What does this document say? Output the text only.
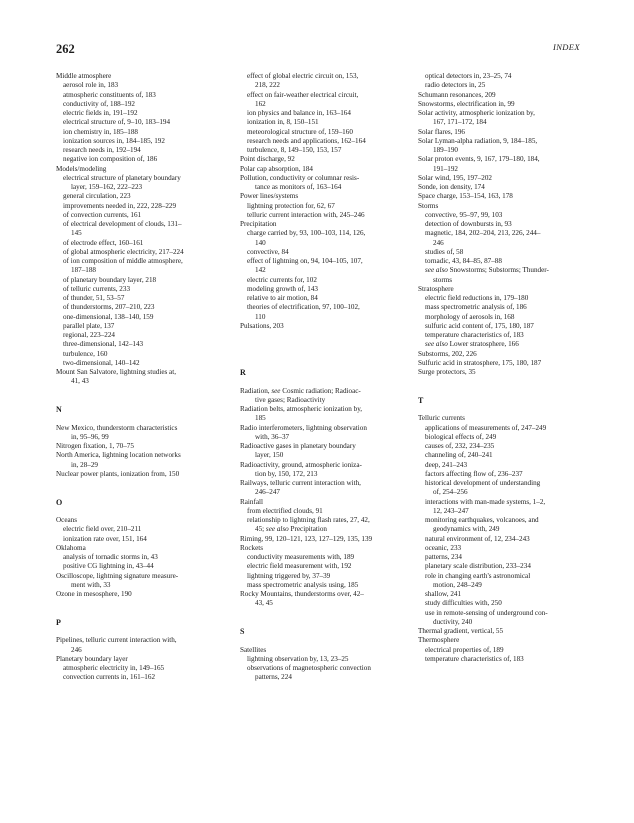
262	INDEX
Middle atmosphere
aerosol role in, 183
atmospheric constituents of, 183
conductivity of, 188–192
electric fields in, 191–192
electrical structure of, 9–10, 183–194
ion chemistry in, 185–188
ionization sources in, 184–185, 192
research needs in, 192–194
negative ion composition of, 186
Models/modeling
electrical structure of planetary boundary
layer, 159–162, 222–223
general circulation, 223
improvements needed in, 222, 228–229
of convection currents, 161
of electrical development of clouds, 131–
145
of electrode effect, 160–161
of global atmospheric electricity, 217–224
of ion composition of middle atmosphere,
187–188
of planetary boundary layer, 218
of telluric currents, 233
of thunder, 51, 53–57
of thunderstorms, 207–210, 223
one-dimensional, 138–140, 159
parallel plate, 137
regional, 223–224
three-dimensional, 142–143
turbulence, 160
two-dimensional, 140–142
Mount San Salvatore, lightning studies at,
41, 43
N
New Mexico, thunderstorm characteristics
in, 95–96, 99
Nitrogen fixation, 1, 70–75
North America, lightning location networks
in, 28–29
Nuclear power plants, ionization from, 150
O
Oceans
electric field over, 210–211
ionization rate over, 151, 164
Oklahoma
analysis of tornadic storms in, 43
positive CG lightning in, 43–44
Oscilloscope, lightning signature measure-
ment with, 33
Ozone in mesosphere, 190
P
Pipelines, telluric current interaction with,
246
Planetary boundary layer
atmospheric electricity in, 149–165
convection currents in, 161–162
effect of global electric circuit on, 153,
218, 222
effect on fair-weather electrical circuit,
162
ion physics and balance in, 163–164
ionization in, 8, 150–151
meteorological structure of, 159–160
research needs and applications, 162–164
turbulence, 8, 149–150, 153, 157
Point discharge, 92
Polar cap absorption, 184
Pollution, conductivity or columnar resis-
tance as monitors of, 163–164
Power lines/systems
lightning protection for, 62, 67
telluric current interaction with, 245–246
Precipitation
charge carried by, 93, 100–103, 114, 126,
140
convective, 84
effect of lightning on, 94, 104–105, 107,
142
electric currents for, 102
modeling growth of, 143
relative to air motion, 84
theories of electrification, 97, 100–102,
110
Pulsations, 203
R
Radiation, see Cosmic radiation; Radioac-
tive gases; Radioactivity
Radiation belts, atmospheric ionization by,
185
Radio interferometers, lightning observation
with, 36–37
Radioactive gases in planetary boundary
layer, 150
Radioactivity, ground, atmospheric ioniza-
tion by, 150, 172, 213
Railways, telluric current interaction with,
246–247
Rainfall
from electrified clouds, 91
relationship to lightning flash rates, 27, 42,
45; see also Precipitation
Riming, 99, 120–121, 123, 127–129, 135, 139
Rockets
conductivity measurements with, 189
electric field measurement with, 192
lightning triggered by, 37–39
mass spectrometric analysis using, 185
Rocky Mountains, thunderstorms over, 42–
43, 45
S
Satellites
lightning observation by, 13, 23–25
observations of magnetospheric convection
patterns, 224
optical detectors in, 23–25, 74
radio detectors in, 25
Schumann resonances, 209
Snowstorms, electrification in, 99
Solar activity, atmospheric ionization by,
167, 171–172, 184
Solar flares, 196
Solar Lyman-alpha radiation, 9, 184–185,
189–190
Solar proton events, 9, 167, 179–180, 184,
191–192
Solar wind, 195, 197–202
Sonde, ion density, 174
Space charge, 153–154, 163, 178
Storms
convective, 95–97, 99, 103
detection of downbursts in, 93
magnetic, 184, 202–204, 213, 226, 244–
246
studies of, 58
tornadic, 43, 84–85, 87–88
see also Snowstorms; Substorms; Thunder-
storms
Stratosphere
electric field reductions in, 179–180
mass spectrometric analysis of, 186
morphology of aerosols in, 168
sulfuric acid content of, 175, 180, 187
temperature characteristics of, 183
see also Lower stratosphere, 166
Substorms, 202, 226
Sulfuric acid in stratosphere, 175, 180, 187
Surge protectors, 35
T
Telluric currents
applications of measurements of, 247–249
biological effects of, 249
causes of, 232, 234–235
channeling of, 240–241
deep, 241–243
factors affecting flow of, 236–237
historical development of understanding
of, 254–256
interactions with man-made systems, 1–2,
12, 243–247
monitoring earthquakes, volcanoes, and
geodynamics with, 249
natural environment of, 12, 234–243
oceanic, 233
patterns, 234
planetary scale distribution, 233–234
role in changing earth's astronomical
motion, 248–249
shallow, 241
study difficulties with, 250
use in remote-sensing of underground con-
ductivity, 240
Thermal gradient, vertical, 55
Thermosphere
electrical properties of, 189
temperature characteristics of, 183
